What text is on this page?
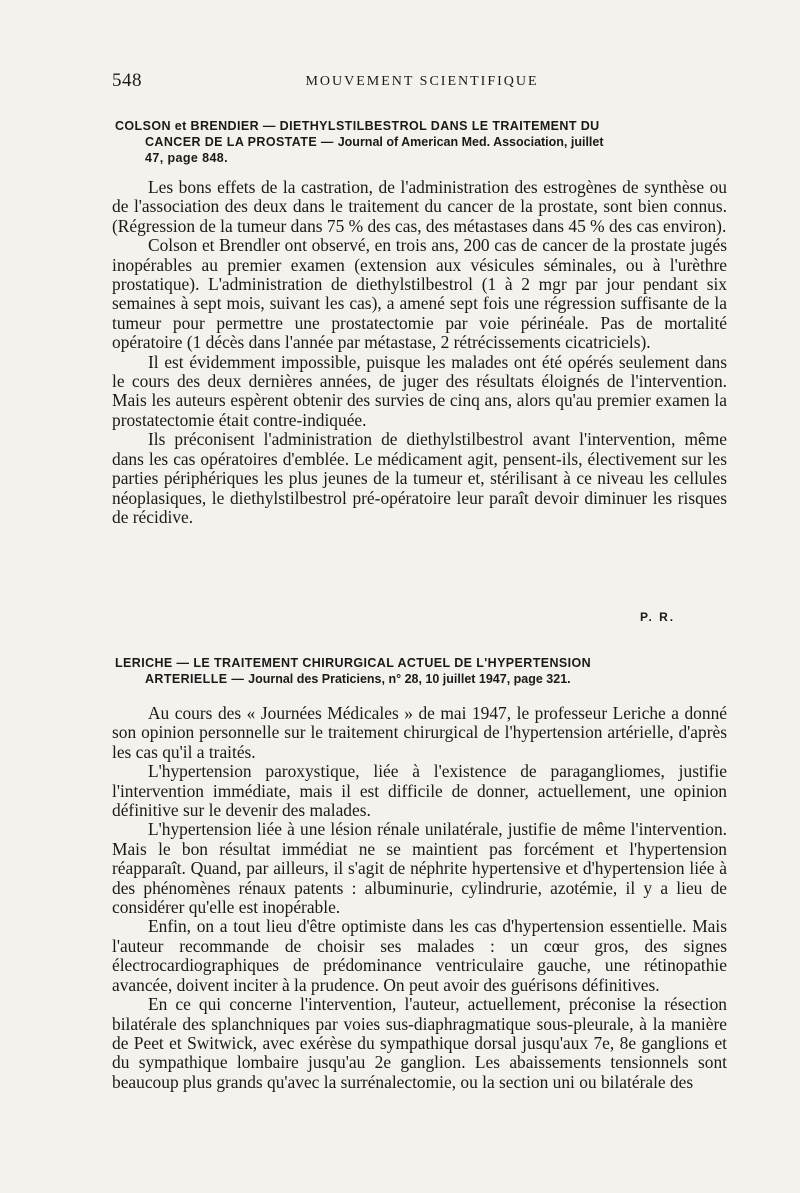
548	MOUVEMENT SCIENTIFIQUE
COLSON et BRENDIER — DIETHYLSTILBESTROL DANS LE TRAITEMENT DU
CANCER DE LA PROSTATE — Journal of American Med. Association, juillet
47, page 848.

Les bons effets de la castration, de l'administration des estrogènes de synthèse ou de l'association des deux dans le traitement du cancer de la prostate, sont bien connus. (Régression de la tumeur dans 75 % des cas, des métastases dans 45 % des cas environ).

Colson et Brendler ont observé, en trois ans, 200 cas de cancer de la prostate jugés inopérables au premier examen (extension aux vésicules séminales, ou à l'urèthre prostatique). L'administration de diethylstilbestrol (1 à 2 mgr par jour pendant six semaines à sept mois, suivant les cas), a amené sept fois une régression suffisante de la tumeur pour permettre une prostatectomie par voie périnéale. Pas de mortalité opératoire (1 décès dans l'année par métastase, 2 rétrécissements cicatriciels).

Il est évidemment impossible, puisque les malades ont été opérés seulement dans le cours des deux dernières années, de juger des résultats éloignés de l'intervention. Mais les auteurs espèrent obtenir des survies de cinq ans, alors qu'au premier examen la prostatectomie était contre-indiquée.

Ils préconisent l'administration de diethylstilbestrol avant l'intervention, même dans les cas opératoires d'emblée. Le médicament agit, pensent-ils, électivement sur les parties périphériques les plus jeunes de la tumeur et, stérilisant à ce niveau les cellules néoplasiques, le diethylstilbestrol pré-opératoire leur paraît devoir diminuer les risques de récidive.

P. R.
LERICHE — LE TRAITEMENT CHIRURGICAL ACTUEL DE L'HYPERTENSION
ARTERIELLE — Journal des Praticiens, n° 28, 10 juillet 1947, page 321.

Au cours des « Journées Médicales » de mai 1947, le professeur Leriche a donné son opinion personnelle sur le traitement chirurgical de l'hypertension artérielle, d'après les cas qu'il a traités.

L'hypertension paroxystique, liée à l'existence de paragangliomes, justifie l'intervention immédiate, mais il est difficile de donner, actuellement, une opinion définitive sur le devenir des malades.

L'hypertension liée à une lésion rénale unilatérale, justifie de même l'intervention. Mais le bon résultat immédiat ne se maintient pas forcément et l'hypertension réapparaît. Quand, par ailleurs, il s'agit de néphrite hypertensive et d'hypertension liée à des phénomènes rénaux patents : albuminurie, cylindrurie, azotémie, il y a lieu de considérer qu'elle est inopérable.

Enfin, on a tout lieu d'être optimiste dans les cas d'hypertension essentielle. Mais l'auteur recommande de choisir ses malades : un cœur gros, des signes électrocardiographiques de prédominance ventriculaire gauche, une rétinopathie avancée, doivent inciter à la prudence. On peut avoir des guérisons définitives.

En ce qui concerne l'intervention, l'auteur, actuellement, préconise la résection bilatérale des splanchniques par voies sus-diaphragmatique sous-pleurale, à la manière de Peet et Switwick, avec exérèse du sympathique dorsal jusqu'aux 7e, 8e ganglions et du sympathique lombaire jusqu'au 2e ganglion. Les abaissements tensionnels sont beaucoup plus grands qu'avec la surrénalectomie, ou la section uni ou bilatérale des
